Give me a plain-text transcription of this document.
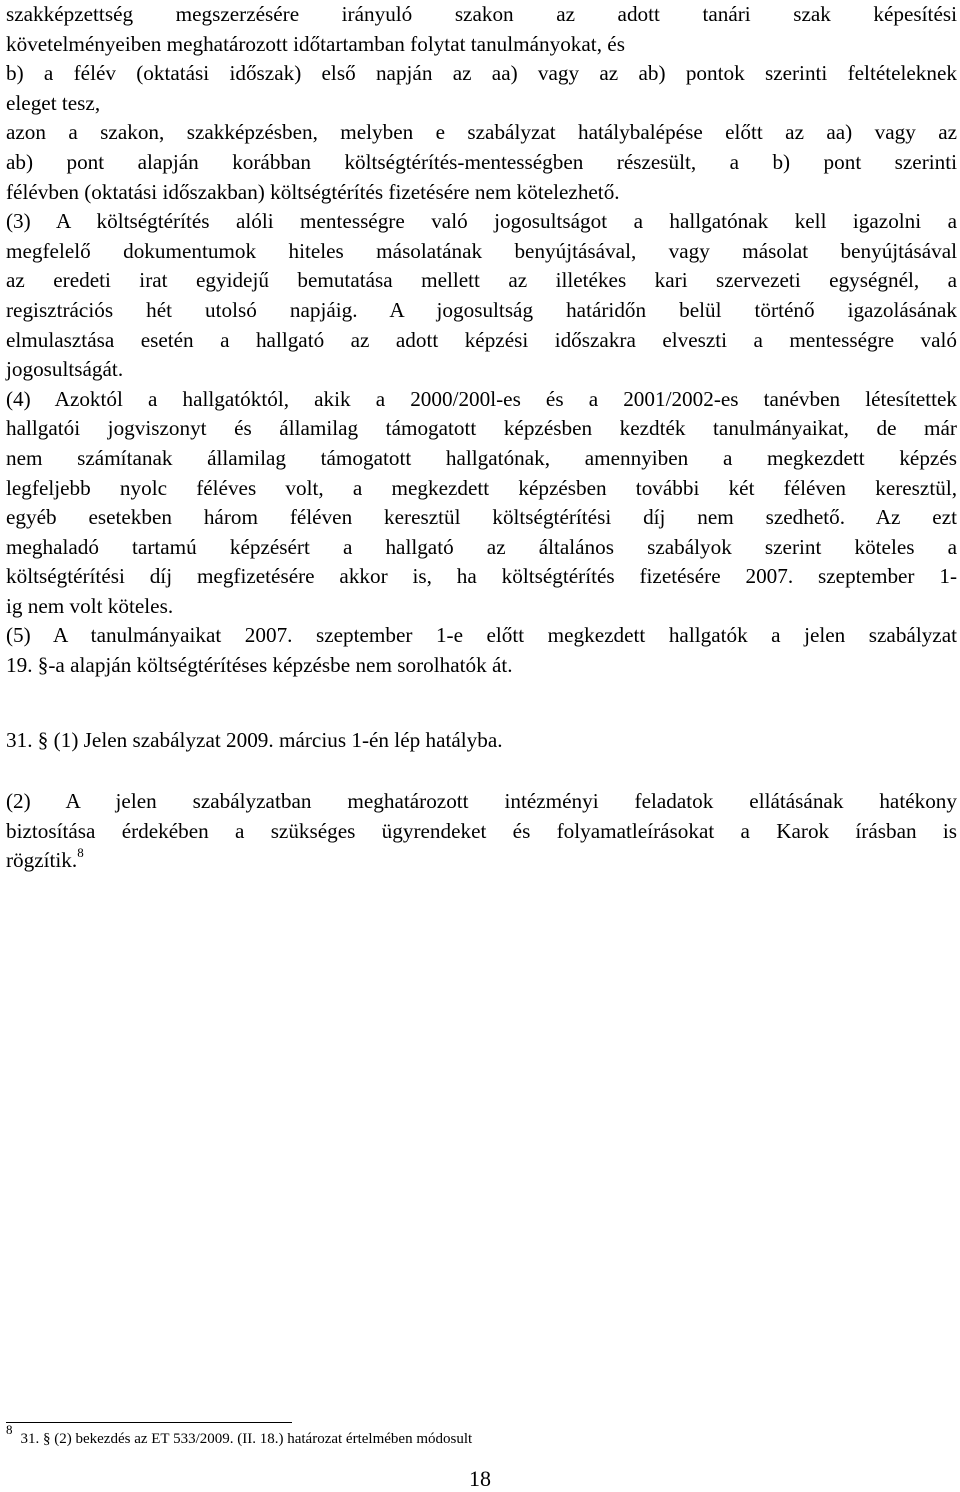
szakképzettség megszerzésére irányuló szakon az adott tanári szak képesítési
követelményeiben meghatározott időtartamban folytat tanulmányokat, és
b) a félév (oktatási időszak) első napján az aa) vagy az ab) pontok szerinti feltételeknek
eleget tesz,
azon a szakon, szakképzésben, melyben e szabályzat hatálybalépése előtt az aa) vagy az
ab) pont alapján korábban költségtérítés-mentességben részesült, a b) pont szerinti
félévben (oktatási időszakban) költségtérítés fizetésére nem kötelezhető.
(3) A költségtérítés alóli mentességre való jogosultságot a hallgatónak kell igazolni a
megfelelő dokumentumok hiteles másolatának benyújtásával, vagy másolat benyújtásával
az eredeti irat egyidejű bemutatása mellett az illetékes kari szervezeti egységnél, a
regisztrációs hét utolsó napjáig. A jogosultság határidőn belül történő igazolásának
elmulasztása esetén a hallgató az adott képzési időszakra elveszti a mentességre való
jogosultságát.
(4) Azoktól a hallgatóktól, akik a 2000/200l-es és a 2001/2002-es tanévben létesítettek
hallgatói jogviszonyt és államilag támogatott képzésben kezdték tanulmányaikat, de már
nem számítanak államilag támogatott hallgatónak, amennyiben a megkezdett képzés
legfeljebb nyolc féléves volt, a megkezdett képzésben további két féléven keresztül,
egyéb esetekben három féléven keresztül költségtérítési díj nem szedhető. Az ezt
meghaladó tartamú képzésért a hallgató az általános szabályok szerint köteles a
költségtérítési díj megfizetésére akkor is, ha költségtérítés fizetésére 2007. szeptember 1-
ig nem volt köteles.
(5) A tanulmányaikat 2007. szeptember 1-e előtt megkezdett hallgatók a jelen szabályzat
19. §-a alapján költségtérítéses képzésbe nem sorolhatók át.
31. § (1) Jelen szabályzat 2009. március 1-én lép hatályba.
(2) A jelen szabályzatban meghatározott intézményi feladatok ellátásának hatékony
biztosítása érdekében a szükséges ügyrendeket és folyamatleírásokat a Karok írásban is
rögzítik.$^8$
831. § (2) bekezdés az ET 533/2009. (II. 18.) határozat értelmében módosult
18
